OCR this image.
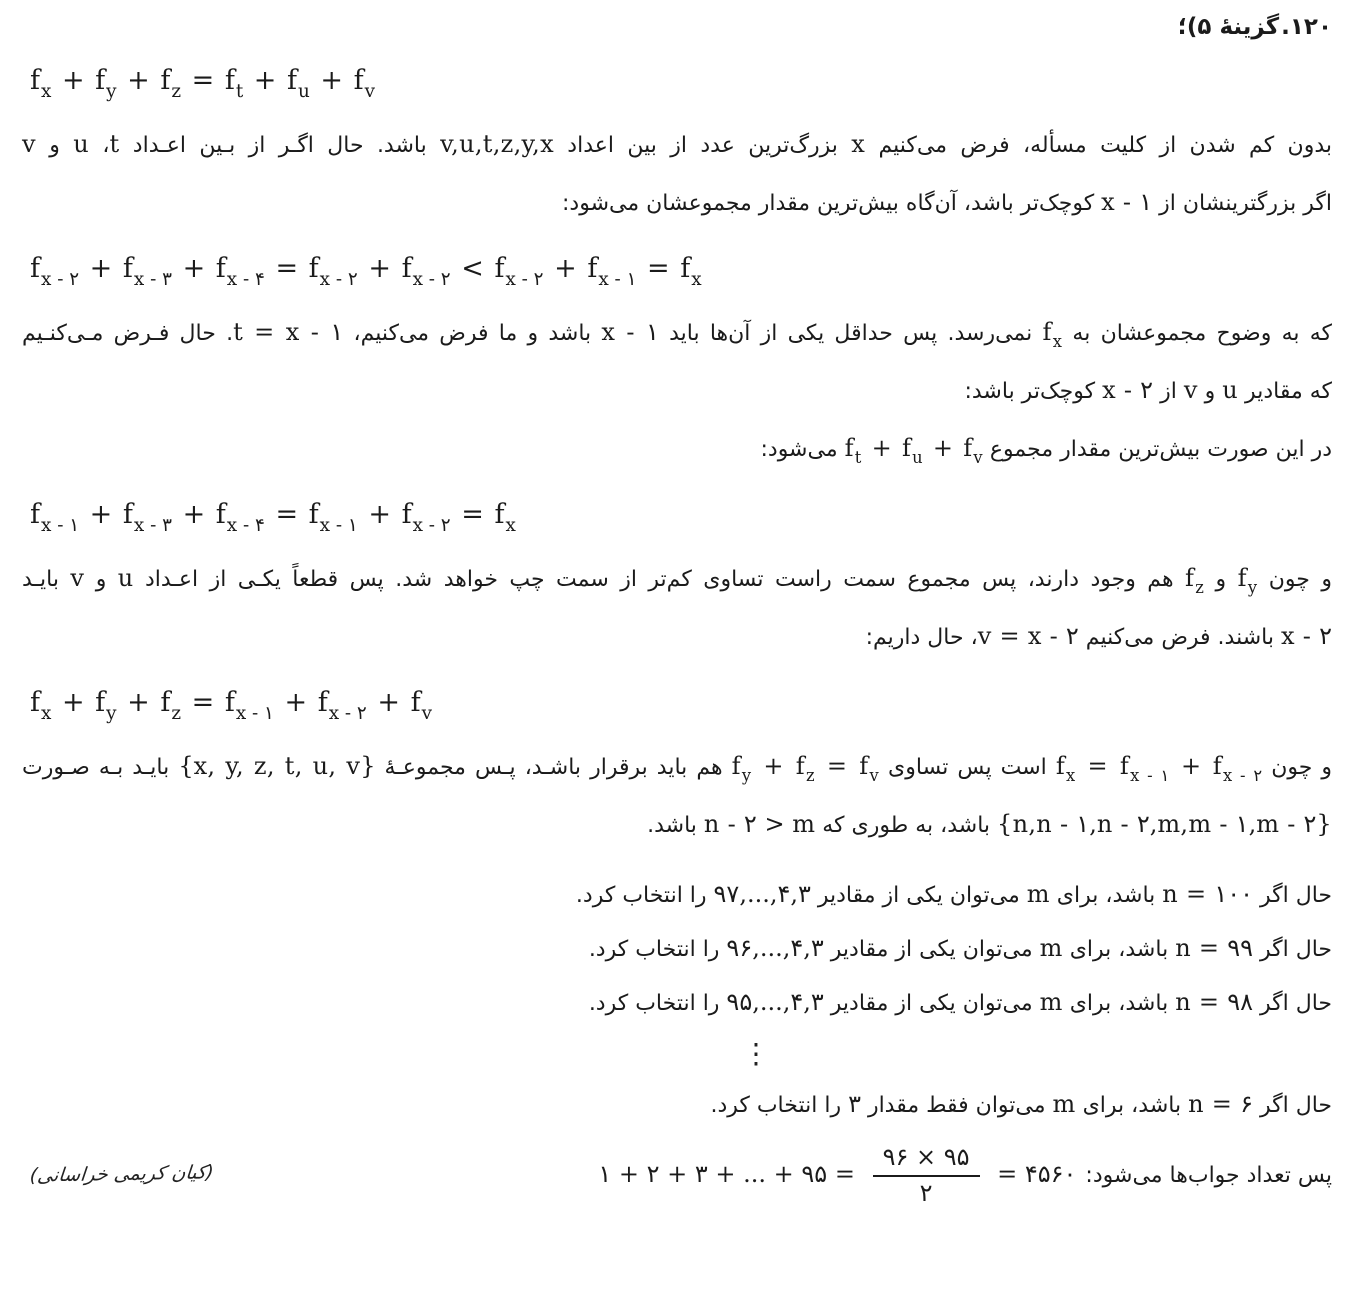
۱۲۰.گزینۀ ۵)؛
$f_x + f_y + f_z = f_t + f_u + f_v$
بدون کم شدن از کلیت مسأله، فرض می‌کنیم x بزرگ‌ترین عدد از بین اعداد v,u,t,z,y,x باشد. حال اگـر از بـین اعـداد t، u و v
اگر بزرگترینشان از x - ۱ کوچک‌تر باشد، آن‌گاه بیش‌ترین مقدار مجموعشان می‌شود:
$f_{x - ۲} + f_{x - ۳} + f_{x - ۴} = f_{x - ۲} + f_{x - ۲} < f_{x - ۲} + f_{x - ۱} = f_x$
که به وضوح مجموعشان به $f_x$ نمی‌رسد. پس حداقل یکی از آن‌ها باید x - ۱ باشد و ما فرض می‌کنیم، t = x - ۱. حال فـرض مـی‌کنـیم
که مقادیر u و v از x - ۲ کوچک‌تر باشد:
در این صورت بیش‌ترین مقدار مجموع $f_t + f_u + f_v$ می‌شود:
$f_{x - ۱} + f_{x - ۳} + f_{x - ۴} = f_{x - ۱} + f_{x - ۲} = f_x$
و چون $f_y$ و $f_z$ هم وجود دارند، پس مجموع سمت راست تساوی کم‌تر از سمت چپ خواهد شد. پس قطعاً یکـی از اعـداد u و v بایـد
x - ۲ باشند. فرض می‌کنیم v = x - ۲، حال داریم:
$f_x + f_y + f_z = f_{x - ۱} + f_{x - ۲} + f_v$
و چون $f_x = f_{x - ۱} + f_{x - ۲}$ است پس تساوی $f_y + f_z = f_v$ هم باید برقرار باشـد، پـس مجموعـۀ {x, y, z, t, u, v} بایـد بـه صـورت
{n,n - ۱,n - ۲,m,m - ۱,m - ۲} باشد، به طوری که n - ۲ > m باشد.
حال اگر n = ۱۰۰ باشد، برای m می‌توان یکی از مقادیر ۹۷,...,۴,۳ را انتخاب کرد.
حال اگر n = ۹۹ باشد، برای m می‌توان یکی از مقادیر ۹۶,...,۴,۳ را انتخاب کرد.
حال اگر n = ۹۸ باشد، برای m می‌توان یکی از مقادیر ۹۵,...,۴,۳ را انتخاب کرد.
⋮
حال اگر n = ۶ باشد، برای m می‌توان فقط مقدار ۳ را انتخاب کرد.
پس تعداد جواب‌ها می‌شود: ۱ + ۲ + ۳ + ... + ۹۵ = $\frac{۹۶ \times ۹۵}{۲}$ = ۴۵۶۰
(کیان کریمی خراسانی)
